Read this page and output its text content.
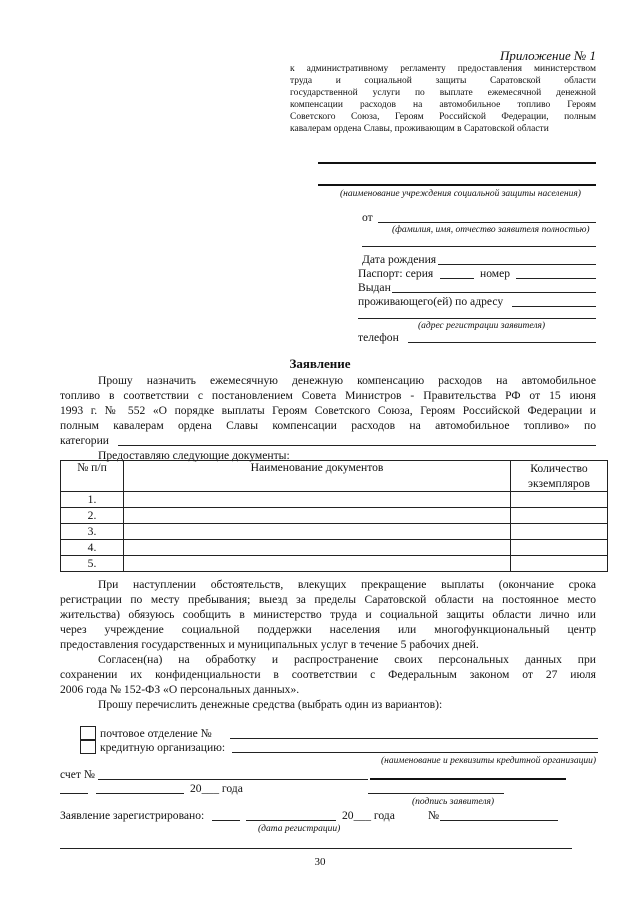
Приложение № 1
к административному регламенту предоставления министерством
труда и социальной защиты Саратовской области
государственной услуги по выплате ежемесячной денежной
компенсации расходов на автомобильное топливо Героям
Советского Союза, Героям Российской Федерации, полным
кавалерам ордена Славы, проживающим в Саратовской области
(наименование учреждения социальной защиты населения)
от
(фамилия, имя, отчество заявителя полностью)
Дата рождения
Паспорт: серия	номер
Выдан
проживающего(ей) по адресу
(адрес регистрации заявителя)
телефон
Заявление
Прошу назначить ежемесячную денежную компенсацию расходов на автомобильное
топливо в соответствии с постановлением Совета Министров - Правительства РФ от 15 июня
1993 г. № 552 «О порядке выплаты Героям Советского Союза, Героям Российской Федерации и
полным кавалерам ордена Славы компенсации расходов на автомобильное топливо» по
категории
Предоставляю следующие документы:
№ п/п	Наименование документов	Количество
экземпляров

1.		
2.		
3.		
4.		
5.		
При наступлении обстоятельств, влекущих прекращение выплаты (окончание срока
регистрации по месту пребывания; выезд за пределы Саратовской области на постоянное место
жительства) обязуюсь сообщить в министерство труда и социальной защиты области лично или
через учреждение социальной поддержки населения или многофункциональный центр
предоставления государственных и муниципальных услуг в течение 5 рабочих дней.
Согласен(на) на обработку и распространение своих персональных данных при
сохранении их конфиденциальности в соответствии с Федеральным законом от 27 июля
2006 года № 152-ФЗ «О персональных данных».
Прошу перечислить денежные средства (выбрать один из вариантов):
почтовое отделение №
кредитную организацию:
(наименование и реквизиты кредитной организации)
счет №
20___ года
(подпись заявителя)
Заявление зарегистрировано:	20___ года	№
(дата регистрации)
30
